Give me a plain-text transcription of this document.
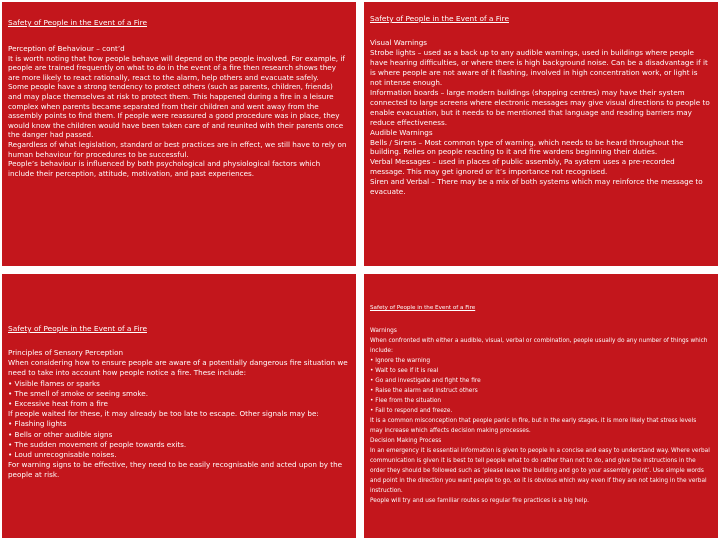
Safety of People in the Event of a Fire
Perception of Behaviour – cont’d
It is worth noting that how people behave will depend on the people involved. For example, if people are trained frequently on what to do in the event of a fire then research shows they are more likely to react rationally, react to the alarm, help others and evacuate safely.
Some people have a strong tendency to protect others (such as parents, children, friends) and may place themselves at risk to protect them. This happened during a fire in a leisure complex when parents became separated from their children and went away from the assembly points to find them. If people were reassured a good procedure was in place, they would know the children would have been taken care of and reunited with their parents once the danger had passed.
Regardless of what legislation, standard or best practices are in effect, we still have to rely on human behaviour for procedures to be successful.
People’s behaviour is influenced by both psychological and physiological factors which include their perception, attitude, motivation, and past experiences.
Safety of People in the Event of a Fire
Visual Warnings
Strobe lights – used as a back up to any audible warnings, used in buildings where people have hearing difficulties, or where there is high background noise. Can be a disadvantage if it is where people are not aware of it flashing, involved in high concentration work, or light is not intense enough.
Information boards – large modern buildings (shopping centres) may have their system connected to large screens where electronic messages may give visual directions to people to enable evacuation, but it needs to be mentioned that language and reading barriers may reduce effectiveness.
Audible Warnings
Bells / Sirens – Most common type of warning, which needs to be heard throughout the building. Relies on people reacting to it and fire wardens beginning their duties.
Verbal Messages – used in places of public assembly, Pa system uses a pre-recorded message. This may get ignored or it’s importance not recognised.
Siren and Verbal – There may be a mix of both systems which may reinforce the message to evacuate.
Safety of People in the Event of a Fire
Principles of Sensory Perception
When considering how to ensure people are aware of a potentially dangerous fire situation we need to take into account how people notice a fire. These include:
• Visible flames or sparks
• The smell of smoke or seeing smoke.
• Excessive heat from a fire
If people waited for these, it may already be too late to escape. Other signals may be:
• Flashing lights
• Bells or other audible signs
• The sudden movement of people towards exits.
• Loud unrecognisable noises.
For warning signs to be effective, they need to be easily recognisable and acted upon by the people at risk.
Safety of People in the Event of a Fire
Warnings
When confronted with either a audible, visual, verbal or combination, people usually do any number of things which include:
• Ignore the warning
• Wait to see if it is real
• Go and investigate and fight the fire
• Raise the alarm and instruct others
• Flee from the situation
• Fail to respond and freeze.
It is a common misconception that people panic in fire, but in the early stages, it is more likely that stress levels may increase which affects decision making processes.
Decision Making Process
In an emergency it is essential information is given to people in a concise and easy to understand way. Where verbal communication is given it is best to tell people what to do rather than not to do, and give the instructions in the order they should be followed such as ‘please leave the building and go to your assembly point’. Use simple words and point in the direction you want people to go, so it is obvious which way even if they are not taking in the verbal instruction.
People will try and use familiar routes so regular fire practices is a big help.
